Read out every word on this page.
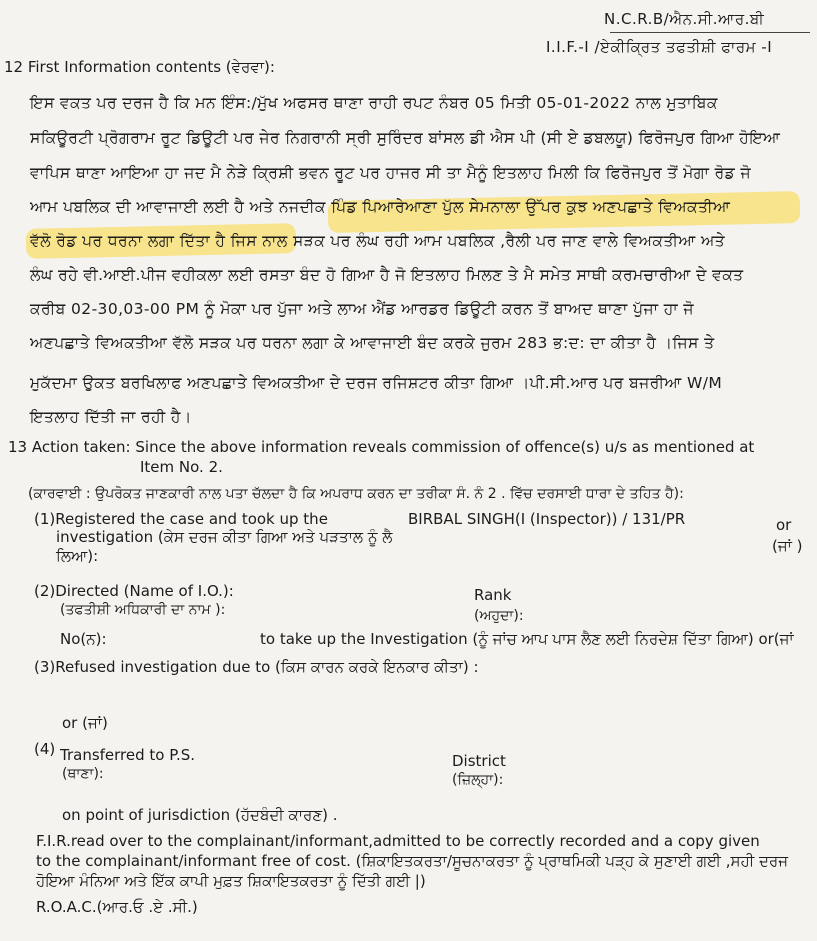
N.C.R.B/ਐਨ.ਸੀ.ਆਰ.ਬੀ
I.I.F.-I /ਏਕੀਕ੍ਰਿਤ ਤਫਤੀਸ਼ੀ ਫਾਰਮ -I
12 First Information contents (ਵੇਰਵਾ):
ਇਸ ਵਕਤ ਪਰ ਦਰਜ ਹੈ ਕਿ ਮਨ ਇੰਸ:/ਮੁੱਖ ਅਫਸਰ ਥਾਣਾ ਰਾਹੀ ਰਪਟ ਨੰਬਰ 05 ਮਿਤੀ 05-01-2022 ਨਾਲ ਮੁਤਾਬਿਕ
ਸਕਿਊਰਟੀ ਪ੍ਰੋਗਰਾਮ ਰੂਟ ਡਿਊਟੀ ਪਰ ਜੇਰ ਨਿਗਰਾਨੀ ਸ੍ਰੀ ਸੁਰਿੰਦਰ ਬਾਂਸਲ ਡੀ ਐਸ ਪੀ (ਸੀ ਏ ਡਬਲਯੂ) ਫਿਰੋਜਪੁਰ ਗਿਆ ਹੋਇਆ
ਵਾਪਿਸ ਥਾਣਾ ਆਇਆ ਹਾ ਜਦ ਮੈ ਨੇੜੇ ਕ੍ਰਿਸ਼ੀ ਭਵਨ ਰੂਟ ਪਰ ਹਾਜਰ ਸੀ ਤਾ ਮੈਨੂੰ ਇਤਲਾਹ ਮਿਲੀ ਕਿ ਫਿਰੋਜਪੁਰ ਤੋਂ ਮੋਗਾ ਰੋਡ ਜੋ
ਆਮ ਪਬਲਿਕ ਦੀ ਆਵਾਜਾਈ ਲਈ ਹੈ ਅਤੇ ਨਜਦੀਕ ਪਿੰਡ ਪਿਆਰੇਆਣਾ ਪੁੱਲ ਸੇਮਨਾਲਾ ਉੱਪਰ ਕੁਝ ਅਣਪਛਾਤੇ ਵਿਅਕਤੀਆ
ਵੱਲੋ ਰੋਡ ਪਰ ਧਰਨਾ ਲਗਾ ਦਿੱਤਾ ਹੈ ਜਿਸ ਨਾਲ ਸੜਕ ਪਰ ਲੰਘ ਰਹੀ ਆਮ ਪਬਲਿਕ ,ਰੈਲੀ ਪਰ ਜਾਣ ਵਾਲੇ ਵਿਅਕਤੀਆ ਅਤੇ
ਲੰਘ ਰਹੇ ਵੀ.ਆਈ.ਪੀਜ ਵਹੀਕਲਾ ਲਈ ਰਸਤਾ ਬੰਦ ਹੋ ਗਿਆ ਹੈ ਜੋ ਇਤਲਾਹ ਮਿਲਣ ਤੇ ਮੈ ਸਮੇਤ ਸਾਥੀ ਕਰਮਚਾਰੀਆ ਦੇ ਵਕਤ
ਕਰੀਬ 02-30,03-00 PM ਨੂੰ ਮੋਕਾ ਪਰ ਪੁੱਜਾ ਅਤੇ ਲਾਅ ਐਂਡ ਆਰਡਰ ਡਿਊਟੀ ਕਰਨ ਤੋਂ ਬਾਅਦ ਥਾਣਾ ਪੁੱਜਾ ਹਾ ਜੋ
ਅਣਪਛਾਤੇ ਵਿਅਕਤੀਆ ਵੱਲੋ ਸੜਕ ਪਰ ਧਰਨਾ ਲਗਾ ਕੇ ਆਵਾਜਾਈ ਬੰਦ ਕਰਕੇ ਜੁਰਮ 283 ਭ:ਦ: ਦਾ ਕੀਤਾ ਹੈ ।ਜਿਸ ਤੇ
ਮੁਕੱਦਮਾ ਉਕਤ ਬਰਖਿਲਾਫ ਅਣਪਛਾਤੇ ਵਿਅਕਤੀਆ ਦੇ ਦਰਜ ਰਜਿਸ਼ਟਰ ਕੀਤਾ ਗਿਆ ।ਪੀ.ਸੀ.ਆਰ ਪਰ ਬਜਰੀਆ W/M
ਇਤਲਾਹ ਦਿੱਤੀ ਜਾ ਰਹੀ ਹੈ।
13 Action taken: Since the above information reveals commission of offence(s) u/s as mentioned at
Item No. 2.
(ਕਾਰਵਾਈ : ਉਪਰੋਕਤ ਜਾਣਕਾਰੀ ਨਾਲ ਪਤਾ ਚੱਲਦਾ ਹੈ ਕਿ ਅਪਰਾਧ ਕਰਨ ਦਾ ਤਰੀਕਾ ਸੰ. ਨੰ 2 . ਵਿੱਚ ਦਰਸਾਈ ਧਾਰਾ ਦੇ ਤਹਿਤ ਹੈ):
(1)Registered the case and took up the	BIRBAL SINGH(I (Inspector)) / 131/PR	or
investigation (ਕੇਸ ਦਰਜ ਕੀਤਾ ਗਿਆ ਅਤੇ ਪੜਤਾਲ ਨੂੰ ਲੈ	(ਜਾਂ )
ਲਿਆ):
(2)Directed (Name of I.O.):	Rank
(ਤਫਤੀਸ਼ੀ ਅਧਿਕਾਰੀ ਦਾ ਨਾਮ ):	(ਅਹੁਦਾ):
No(ਨ):	to take up the Investigation (ਨੂੰ ਜਾਂਚ ਆਪ ਪਾਸ ਲੈਣ ਲਈ ਨਿਰਦੇਸ਼ ਦਿੱਤਾ ਗਿਆ) or(ਜਾਂ
(3)Refused investigation due to (ਕਿਸ ਕਾਰਨ ਕਰਕੇ ਇਨਕਾਰ ਕੀਤਾ) :
or (ਜਾਂ)
(4) Transferred to P.S.	District
(ਥਾਣਾ):	(ਜ਼ਿਲ੍ਹਾ):
on point of jurisdiction (ਹੱਦਬੰਦੀ ਕਾਰਣ) .
F.I.R.read over to the complainant/informant,admitted to be correctly recorded and a copy given
to the complainant/informant free of cost. (ਸ਼ਿਕਾਇਤਕਰਤਾ/ਸੂਚਨਾਕਰਤਾ ਨੂੰ ਪ੍ਰਾਥਮਿਕੀ ਪੜ੍ਹ ਕੇ ਸੁਣਾਈ ਗਈ ,ਸਹੀ ਦਰਜ
ਹੋਇਆ ਮੰਨਿਆ ਅਤੇ ਇੱਕ ਕਾਪੀ ਮੁਫ਼ਤ ਸ਼ਿਕਾਇਤਕਰਤਾ ਨੂੰ ਦਿੱਤੀ ਗਈ |)
R.O.A.C.(ਆਰ.ਓ .ਏ .ਸੀ.)
